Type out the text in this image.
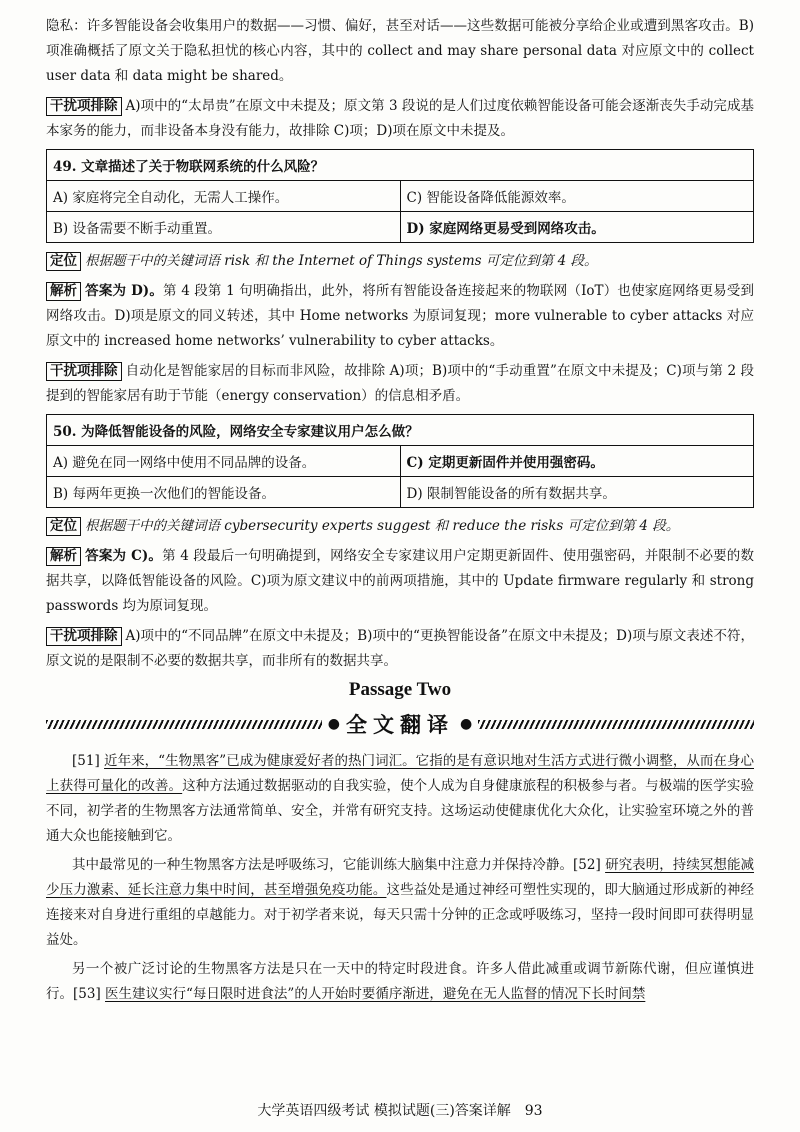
隐私：许多智能设备会收集用户的数据——习惯、偏好，甚至对话——这些数据可能被分享给企业或遭到黑客攻击。B)项准确概括了原文关于隐私担忧的核心内容，其中的 collect and may share personal data 对应原文中的 collect user data 和 data might be shared。

干扰项排除 A)项中的“太昂贵”在原文中未提及；原文第 3 段说的是人们过度依赖智能设备可能会逐渐丧失手动完成基本家务的能力，而非设备本身没有能力，故排除 C)项；D)项在原文中未提及。

49. 文章描述了关于物联网系统的什么风险？	
A) 家庭将完全自动化，无需人工操作。	C) 智能设备降低能源效率。
B) 设备需要不断手动重置。	D) 家庭网络更易受到网络攻击。

定位 根据题干中的关键词语 risk 和 the Internet of Things systems 可定位到第 4 段。

解析 答案为 D)。第 4 段第 1 句明确指出，此外，将所有智能设备连接起来的物联网（IoT）也使家庭网络更易受到网络攻击。D)项是原文的同义转述，其中 Home networks 为原词复现；more vulnerable to cyber attacks 对应原文中的 increased home networks’ vulnerability to cyber attacks。

干扰项排除 自动化是智能家居的目标而非风险，故排除 A)项；B)项中的“手动重置”在原文中未提及；C)项与第 2 段提到的智能家居有助于节能（energy conservation）的信息相矛盾。

50. 为降低智能设备的风险，网络安全专家建议用户怎么做？	
A) 避免在同一网络中使用不同品牌的设备。	C) 定期更新固件并使用强密码。
B) 每两年更换一次他们的智能设备。	D) 限制智能设备的所有数据共享。

定位 根据题干中的关键词语 cybersecurity experts suggest 和 reduce the risks 可定位到第 4 段。

解析 答案为 C)。第 4 段最后一句明确提到，网络安全专家建议用户定期更新固件、使用强密码，并限制不必要的数据共享，以降低智能设备的风险。C)项为原文建议中的前两项措施，其中的 Update firmware regularly 和 strong passwords 均为原词复现。

干扰项排除 A)项中的“不同品牌”在原文中未提及；B)项中的“更换智能设备”在原文中未提及；D)项与原文表述不符，原文说的是限制不必要的数据共享，而非所有的数据共享。

Passage Two
● 全文翻译 ●

[51] 近年来，“生物黑客”已成为健康爱好者的热门词汇。它指的是有意识地对生活方式进行微小调整，从而在身心上获得可量化的改善。这种方法通过数据驱动的自我实验，使个人成为自身健康旅程的积极参与者。与极端的医学实验不同，初学者的生物黑客方法通常简单、安全，并常有研究支持。这场运动使健康优化大众化，让实验室环境之外的普通大众也能接触到它。

其中最常见的一种生物黑客方法是呼吸练习，它能训练大脑集中注意力并保持冷静。[52] 研究表明，持续冥想能减少压力激素、延长注意力集中时间，甚至增强免疫功能。这些益处是通过神经可塑性实现的，即大脑通过形成新的神经连接来对自身进行重组的卓越能力。对于初学者来说，每天只需十分钟的正念或呼吸练习，坚持一段时间即可获得明显益处。

另一个被广泛讨论的生物黑客方法是只在一天中的特定时段进食。许多人借此减重或调节新陈代谢，但应谨慎进行。[53] 医生建议实行“每日限时进食法”的人开始时要循序渐进，避免在无人监督的情况下长时间禁

大学英语四级考试 模拟试题(三)答案详解　93
